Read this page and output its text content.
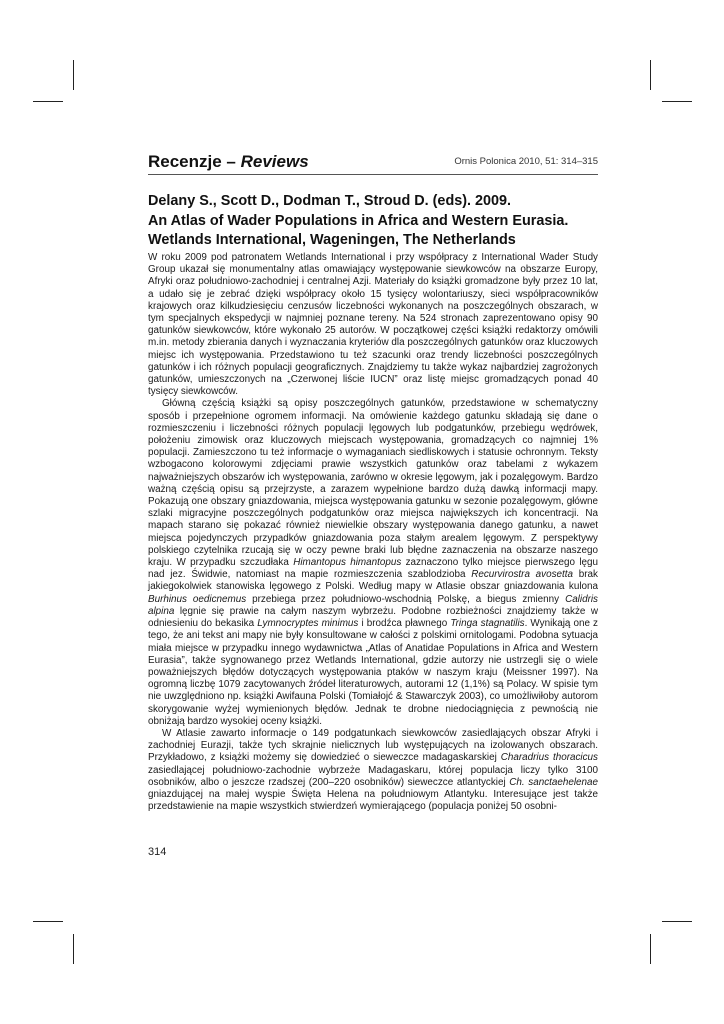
Recenzje – Reviews	Ornis Polonica 2010, 51: 314–315
Delany S., Scott D., Dodman T., Stroud D. (eds). 2009.
An Atlas of Wader Populations in Africa and Western Eurasia.
Wetlands International, Wageningen, The Netherlands

W roku 2009 pod patronatem Wetlands International i przy współpracy z International Wader Study Group ukazał się monumentalny atlas omawiający występowanie siewkowców na obszarze Europy, Afryki oraz południowo-zachodniej i centralnej Azji. Materiały do książki gromadzone były przez 10 lat, a udało się je zebrać dzięki współpracy około 15 tysięcy wolontariuszy, sieci współpracowników krajowych oraz kilkudziesięciu cenzusów liczebności wykonanych na poszczególnych obszarach, w tym specjalnych ekspedycji w najmniej poznane tereny. Na 524 stronach zaprezentowano opisy 90 gatunków siewkowców, które wykonało 25 autorów. W początkowej części książki redaktorzy omówili m.in. metody zbierania danych i wyznaczania kryteriów dla poszczególnych gatunków oraz kluczowych miejsc ich występowania. Przedstawiono tu też szacunki oraz trendy liczebności poszczególnych gatunków i ich różnych populacji geograficznych. Znajdziemy tu także wykaz najbardziej zagrożonych gatunków, umieszczonych na „Czerwonej liście IUCN” oraz listę miejsc gromadzących ponad 40 tysięcy siewkowców.

Główną częścią książki są opisy poszczególnych gatunków, przedstawione w schematyczny sposób i przepełnione ogromem informacji. Na omówienie każdego gatunku składają się dane o rozmieszczeniu i liczebności różnych populacji lęgowych lub podgatunków, przebiegu wędrówek, położeniu zimowisk oraz kluczowych miejscach występowania, gromadzących co najmniej 1% populacji. Zamieszczono tu też informacje o wymaganiach siedliskowych i statusie ochronnym. Teksty wzbogacono kolorowymi zdjęciami prawie wszystkich gatunków oraz tabelami z wykazem najważniejszych obszarów ich występowania, zarówno w okresie lęgowym, jak i pozalęgowym. Bardzo ważną częścią opisu są przejrzyste, a zarazem wypełnione bardzo dużą dawką informacji mapy. Pokazują one obszary gniazdowania, miejsca występowania gatunku w sezonie pozalęgowym, główne szlaki migracyjne poszczególnych podgatunków oraz miejsca największych ich koncentracji. Na mapach starano się pokazać również niewielkie obszary występowania danego gatunku, a nawet miejsca pojedynczych przypadków gniazdowania poza stałym arealem lęgowym. Z perspektywy polskiego czytelnika rzucają się w oczy pewne braki lub błędne zaznaczenia na obszarze naszego kraju. W przypadku szczudłaka Himantopus himantopus zaznaczono tylko miejsce pierwszego lęgu nad jez. Świdwie, natomiast na mapie rozmieszczenia szablodzioba Recurvirostra avosetta brak jakiegokolwiek stanowiska lęgowego z Polski. Według mapy w Atlasie obszar gniazdowania kulona Burhinus oedicnemus przebiega przez południowo-wschodnią Polskę, a biegus zmienny Calidris alpina lęgnie się prawie na całym naszym wybrzeżu. Podobne rozbieżności znajdziemy także w odniesieniu do bekasika Lymnocryptes minimus i brodźca pławnego Tringa stagnatilis. Wynikają one z tego, że ani tekst ani mapy nie były konsultowane w całości z polskimi ornitologami. Podobna sytuacja miała miejsce w przypadku innego wydawnictwa „Atlas of Anatidae Populations in Africa and Western Eurasia”, także sygnowanego przez Wetlands International, gdzie autorzy nie ustrzegli się o wiele poważniejszych błędów dotyczących występowania ptaków w naszym kraju (Meissner 1997). Na ogromną liczbę 1079 zacytowanych źródeł literaturowych, autorami 12 (1,1%) są Polacy. W spisie tym nie uwzględniono np. książki Awifauna Polski (Tomiałojć & Stawarczyk 2003), co umożliwiłoby autorom skorygowanie wyżej wymienionych błędów. Jednak te drobne niedociągnięcia z pewnością nie obniżają bardzo wysokiej oceny książki.

W Atlasie zawarto informacje o 149 podgatunkach siewkowców zasiedlających obszar Afryki i zachodniej Eurazji, także tych skrajnie nielicznych lub występujących na izolowanych obszarach. Przykładowo, z książki możemy się dowiedzieć o sieweczce madagaskarskiej Charadrius thoracicus zasiedlającej południowo-zachodnie wybrzeże Madagaskaru, której populacja liczy tylko 3100 osobników, albo o jeszcze rzadszej (200–220 osobników) sieweczce atlantyckiej Ch. sanctaehelenae gniazdującej na małej wyspie Święta Helena na południowym Atlantyku. Interesujące jest także przedstawienie na mapie wszystkich stwierdzeń wymierającego (populacja poniżej 50 osobni-

314
